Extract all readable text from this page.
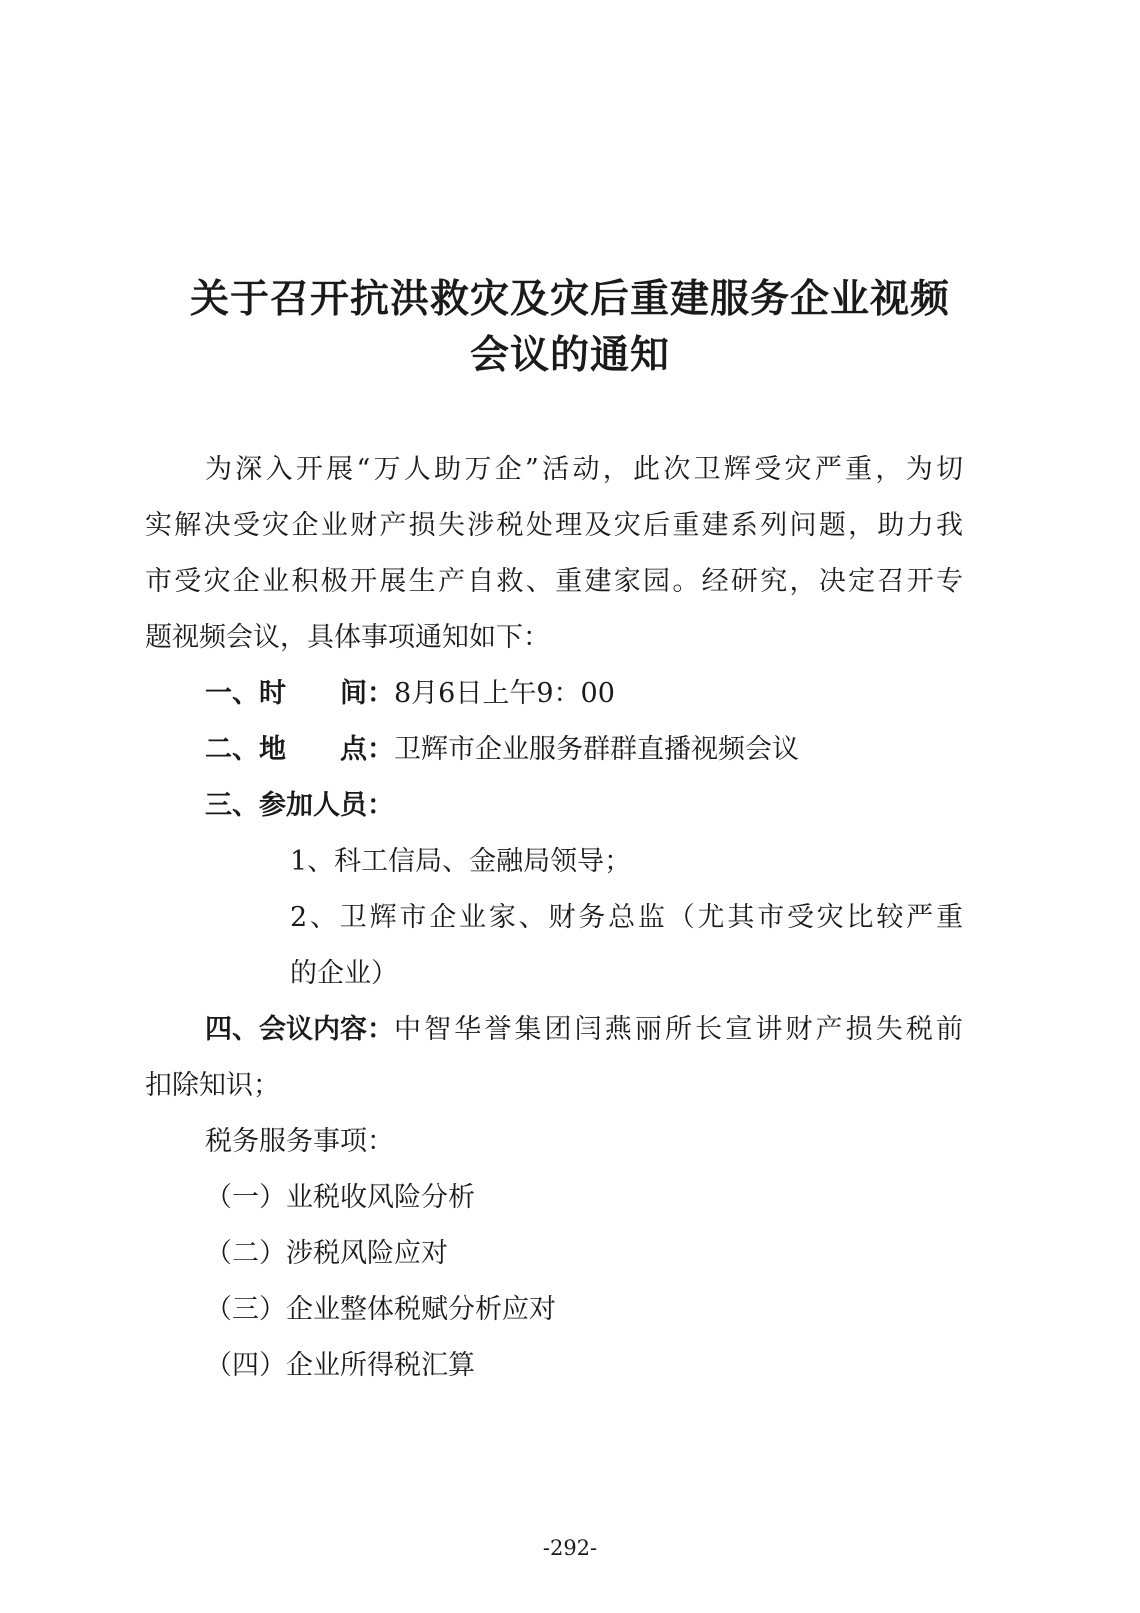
关于召开抗洪救灾及灾后重建服务企业视频
会议的通知
为深入开展“万人助万企”活动，此次卫辉受灾严重，为切
实解决受灾企业财产损失涉税处理及灾后重建系列问题，助力我
市受灾企业积极开展生产自救、重建家园。经研究，决定召开专
题视频会议，具体事项通知如下：
一、时　　间：8月6日上午9：00
二、地　　点：卫辉市企业服务群群直播视频会议
三、参加人员：
1、科工信局、金融局领导；
2、卫辉市企业家、财务总监（尤其市受灾比较严重
的企业）
四、会议内容： 中智华誉集团闫燕丽所长宣讲财产损失税前
扣除知识；
税务服务事项：
（一）业税收风险分析
（二）涉税风险应对
（三）企业整体税赋分析应对
（四）企业所得税汇算
-292-
